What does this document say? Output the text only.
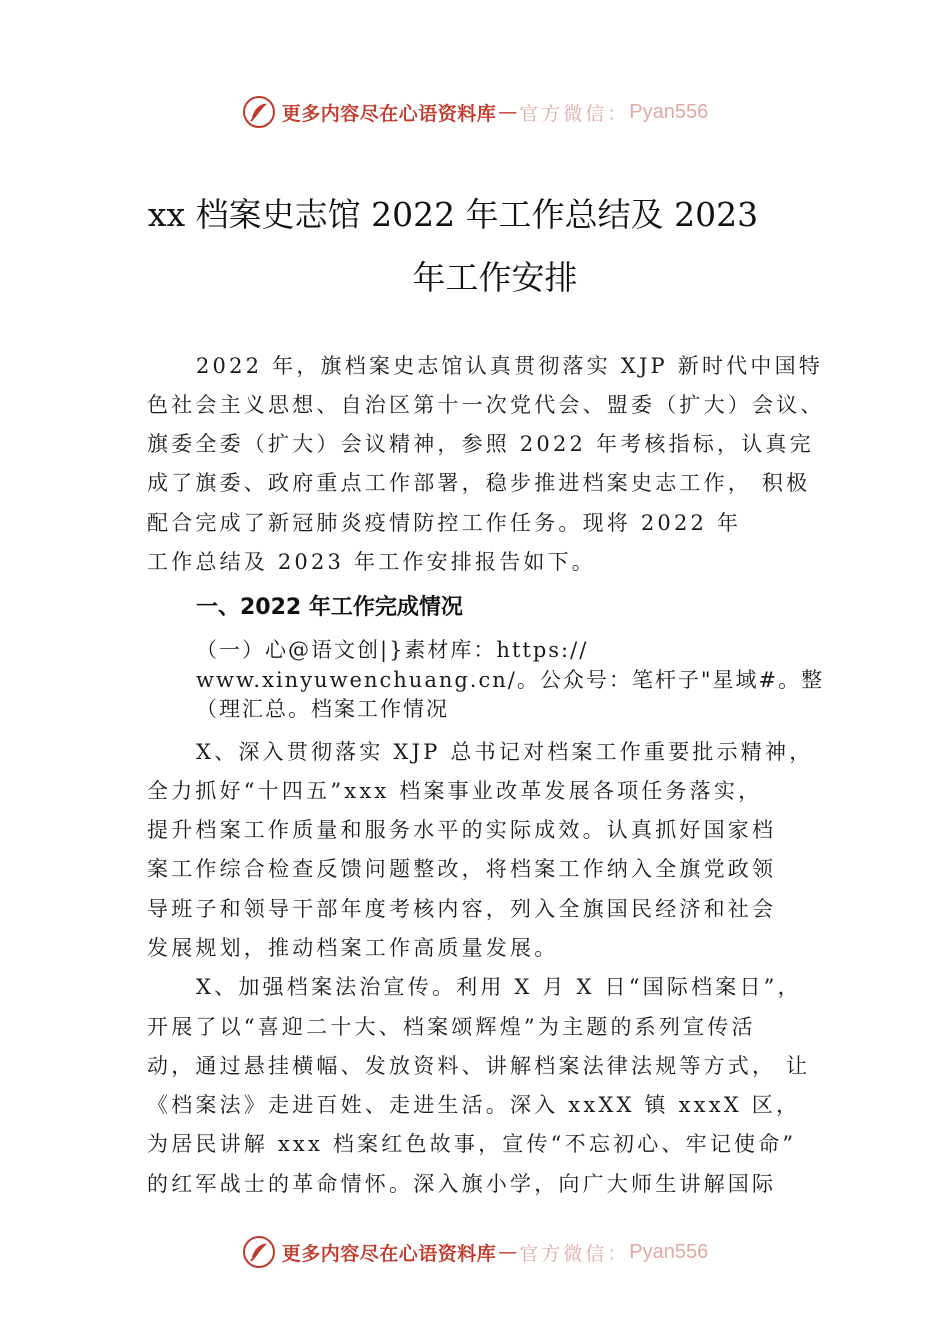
更多内容尽在心语资料库 — 官方微信： Pyan556
xx 档案史志馆 2022 年工作总结及 2023
年工作安排
2022 年，旗档案史志馆认真贯彻落实 XJP 新时代中国特
色社会主义思想、自治区第十一次党代会、盟委（扩大）会议、
旗委全委（扩大）会议精神，参照 2022 年考核指标，认真完
成了旗委、政府重点工作部署，稳步推进档案史志工作， 积极
配合完成了新冠肺炎疫情防控工作任务。现将 2022 年
工作总结及 2023 年工作安排报告如下。
一、2022 年工作完成情况
（一）心@语文创|}素材库：https://
www.xinyuwenchuang.cn/。公众号：笔杆子"星域#。整
（理汇总。档案工作情况
X、深入贯彻落实 XJP 总书记对档案工作重要批示精神，
全力抓好“十四五”xxx 档案事业改革发展各项任务落实，
提升档案工作质量和服务水平的实际成效。认真抓好国家档
案工作综合检查反馈问题整改，将档案工作纳入全旗党政领
导班子和领导干部年度考核内容，列入全旗国民经济和社会
发展规划，推动档案工作高质量发展。
X、加强档案法治宣传。利用 X 月 X 日“国际档案日”，
开展了以“喜迎二十大、档案颂辉煌”为主题的系列宣传活
动，通过悬挂横幅、发放资料、讲解档案法律法规等方式， 让
《档案法》走进百姓、走进生活。深入 xxXX 镇 xxxX 区，
为居民讲解 xxx 档案红色故事，宣传“不忘初心、牢记使命”
的红军战士的革命情怀。深入旗小学，向广大师生讲解国际
更多内容尽在心语资料库 — 官方微信： Pyan556
